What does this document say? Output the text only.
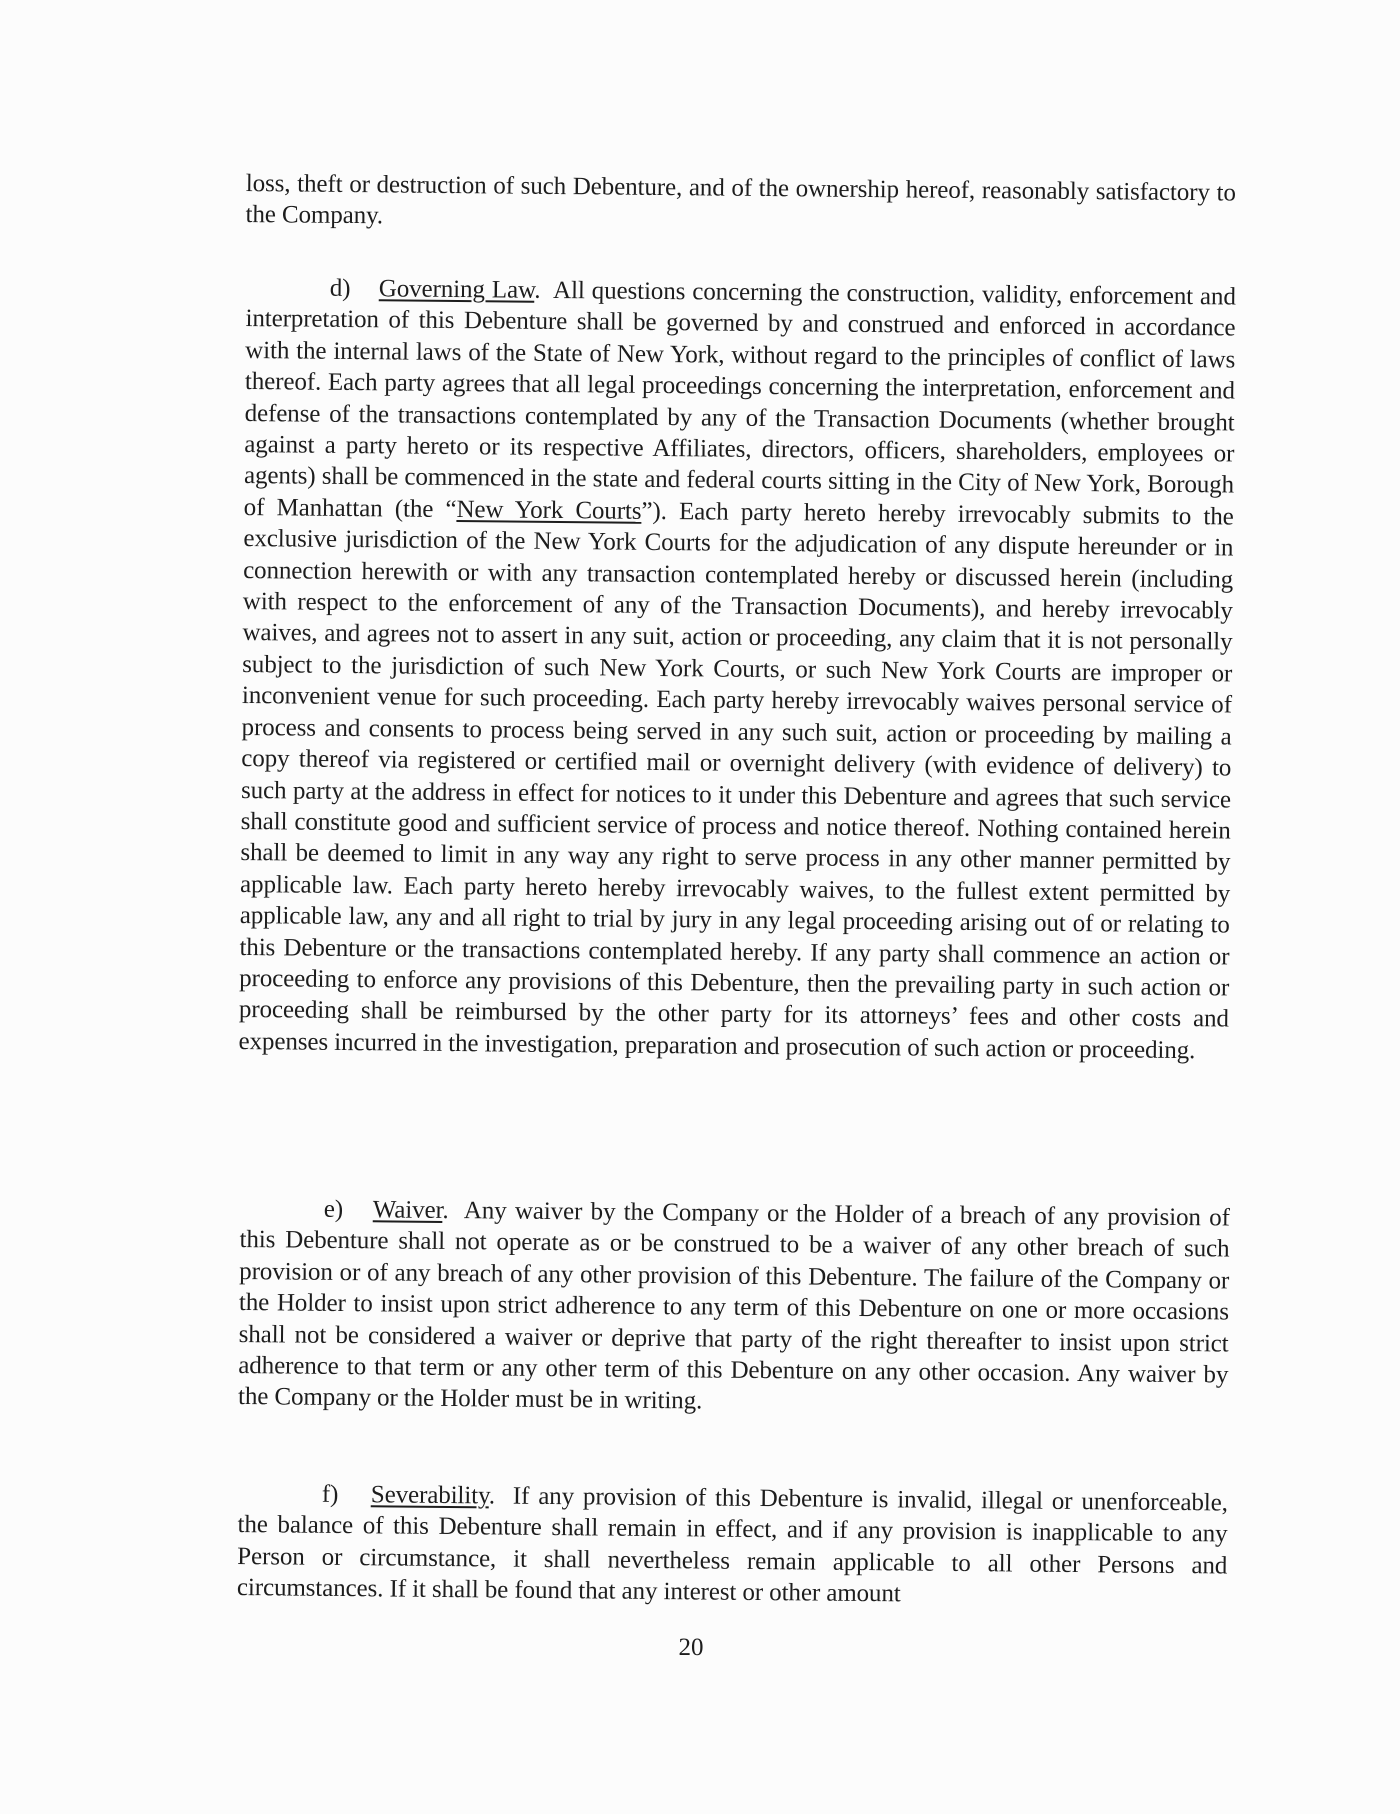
loss, theft or destruction of such Debenture, and of the ownership hereof, reasonably satisfactory to the Company.

d) Governing Law.  All questions concerning the construction, validity, enforcement and interpretation of this Debenture shall be governed by and construed and enforced in accordance with the internal laws of the State of New York, without regard to the principles of conflict of laws thereof. Each party agrees that all legal proceedings concerning the interpretation, enforcement and defense of the transactions contemplated by any of the Transaction Documents (whether brought against a party hereto or its respective Affiliates, directors, officers, shareholders, employees or agents) shall be commenced in the state and federal courts sitting in the City of New York, Borough of Manhattan (the “New York Courts”). Each party hereto hereby irrevocably submits to the exclusive jurisdiction of the New York Courts for the adjudication of any dispute hereunder or in connection herewith or with any transaction contemplated hereby or discussed herein (including with respect to the enforcement of any of the Transaction Documents), and hereby irrevocably waives, and agrees not to assert in any suit, action or proceeding, any claim that it is not personally subject to the jurisdiction of such New York Courts, or such New York Courts are improper or inconvenient venue for such proceeding. Each party hereby irrevocably waives personal service of process and consents to process being served in any such suit, action or proceeding by mailing a copy thereof via registered or certified mail or overnight delivery (with evidence of delivery) to such party at the address in effect for notices to it under this Debenture and agrees that such service shall constitute good and sufficient service of process and notice thereof. Nothing contained herein shall be deemed to limit in any way any right to serve process in any other manner permitted by applicable law. Each party hereto hereby irrevocably waives, to the fullest extent permitted by applicable law, any and all right to trial by jury in any legal proceeding arising out of or relating to this Debenture or the transactions contemplated hereby. If any party shall commence an action or proceeding to enforce any provisions of this Debenture, then the prevailing party in such action or proceeding shall be reimbursed by the other party for its attorneys’ fees and other costs and expenses incurred in the investigation, preparation and prosecution of such action or proceeding.

e) Waiver.  Any waiver by the Company or the Holder of a breach of any provision of this Debenture shall not operate as or be construed to be a waiver of any other breach of such provision or of any breach of any other provision of this Debenture. The failure of the Company or the Holder to insist upon strict adherence to any term of this Debenture on one or more occasions shall not be considered a waiver or deprive that party of the right thereafter to insist upon strict adherence to that term or any other term of this Debenture on any other occasion. Any waiver by the Company or the Holder must be in writing.

f) Severability.  If any provision of this Debenture is invalid, illegal or unenforceable, the balance of this Debenture shall remain in effect, and if any provision is inapplicable to any Person or circumstance, it shall nevertheless remain applicable to all other Persons and circumstances. If it shall be found that any interest or other amount

20
